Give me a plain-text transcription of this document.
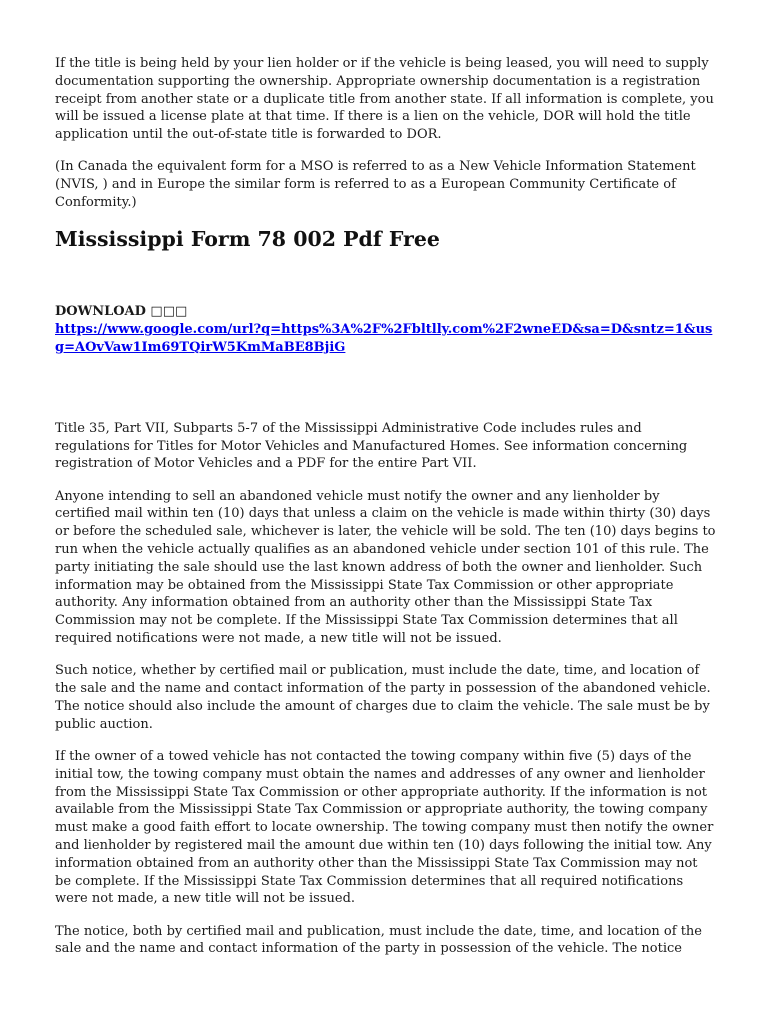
If the title is being held by your lien holder or if the vehicle is being leased, you will need to supply documentation supporting the ownership. Appropriate ownership documentation is a registration receipt from another state or a duplicate title from another state. If all information is complete, you will be issued a license plate at that time. If there is a lien on the vehicle, DOR will hold the title application until the out-of-state title is forwarded to DOR.

(In Canada the equivalent form for a MSO is referred to as a New Vehicle Information Statement (NVIS, ) and in Europe the similar form is referred to as a European Community Certificate of Conformity.)

Mississippi Form 78 002 Pdf Free
DOWNLOAD □□□
https://www.google.com/url?q=https%3A%2F%2Fbltlly.com%2F2wneED&sa=D&sntz=1&usg=AOvVaw1Im69TQirW5KmMaBE8BjiG

Title 35, Part VII, Subparts 5-7 of the Mississippi Administrative Code includes rules and regulations for Titles for Motor Vehicles and Manufactured Homes. See information concerning registration of Motor Vehicles and a PDF for the entire Part VII.

Anyone intending to sell an abandoned vehicle must notify the owner and any lienholder by certified mail within ten (10) days that unless a claim on the vehicle is made within thirty (30) days or before the scheduled sale, whichever is later, the vehicle will be sold. The ten (10) days begins to run when the vehicle actually qualifies as an abandoned vehicle under section 101 of this rule. The party initiating the sale should use the last known address of both the owner and lienholder. Such information may be obtained from the Mississippi State Tax Commission or other appropriate authority. Any information obtained from an authority other than the Mississippi State Tax Commission may not be complete. If the Mississippi State Tax Commission determines that all required notifications were not made, a new title will not be issued.

Such notice, whether by certified mail or publication, must include the date, time, and location of the sale and the name and contact information of the party in possession of the abandoned vehicle. The notice should also include the amount of charges due to claim the vehicle. The sale must be by public auction.

If the owner of a towed vehicle has not contacted the towing company within five (5) days of the initial tow, the towing company must obtain the names and addresses of any owner and lienholder from the Mississippi State Tax Commission or other appropriate authority. If the information is not available from the Mississippi State Tax Commission or appropriate authority, the towing company must make a good faith effort to locate ownership. The towing company must then notify the owner and lienholder by registered mail the amount due within ten (10) days following the initial tow. Any information obtained from an authority other than the Mississippi State Tax Commission may not be complete. If the Mississippi State Tax Commission determines that all required notifications were not made, a new title will not be issued.

The notice, both by certified mail and publication, must include the date, time, and location of the sale and the name and contact information of the party in possession of the vehicle. The notice
